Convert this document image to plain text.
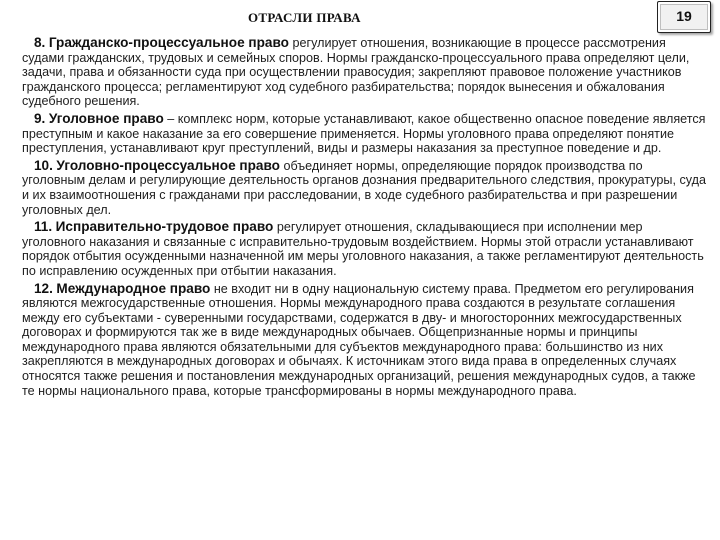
ОТРАСЛИ ПРАВА	19

8. Гражданско-процессуальное право регулирует отношения, возникающие в процессе рассмотрения судами гражданских, трудовых и семейных споров. Нормы гражданско-процессуального права определяют цели, задачи, права и обязанности суда при осуществлении правосудия; закрепляют правовое положение участников гражданского процесса; регламентируют ход судебного разбирательства; порядок вынесения и обжалования судебного решения.

9. Уголовное право – комплекс норм, которые устанавливают, какое общественно опасное поведение является преступным и какое наказание за его совершение применяется. Нормы уголовного права определяют понятие преступления, устанавливают круг преступлений, виды и размеры наказания за преступное поведение и др.

10. Уголовно-процессуальное право объединяет нормы, определяющие порядок производства по уголовным делам и регулирующие деятельность органов дознания предварительного следствия, прокуратуры, суда и их взаимоотношения с гражданами при расследовании, в ходе судебного разбирательства и при разрешении уголовных дел.

11. Исправительно-трудовое право регулирует отношения, складывающиеся при исполнении мер уголовного наказания и связанные с исправительно-трудовым воздействием. Нормы этой отрасли устанавливают порядок отбытия осужденными назначенной им меры уголовного наказания, а также регламентируют деятельность по исправлению осужденных при отбытии наказания.

12. Международное право не входит ни в одну национальную систему права. Предметом его регулирования являются межгосударственные отношения. Нормы международного права создаются в результате соглашения между его субъектами - суверенными государствами, содержатся в дву- и многосторонних межгосударственных договорах и формируются так же в виде международных обычаев. Общепризнанные нормы и принципы международного права являются обязательными для субъектов международного права: большинство из них закрепляются в международных договорах и обычаях. К источникам этого вида права в определенных случаях относятся также решения и постановления международных организаций, решения международных судов, а также те нормы национального права, которые трансформированы в нормы международного права.
